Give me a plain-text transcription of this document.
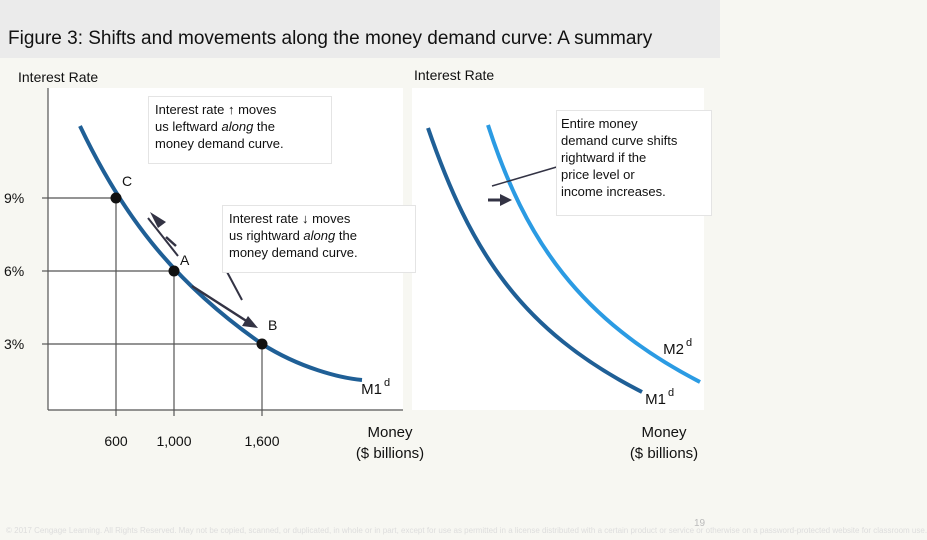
Figure 3: Shifts and movements along the money demand curve: A summary
Interest Rate
9%
6%
3%
600 1,000	1,600
C
A
B
M1 d
Money
($ billions)
Interest Rate
M2 d
M1 d
Money
($ billions)
Interest rate ↑ moves
us leftward along the
money demand curve.
Interest rate ↓ moves
us rightward along the
money demand curve.
Entire money
demand curve shifts
rightward if the
price level or
income increases.
© 2017 Cengage Learning. All Rights Reserved. May not be copied, scanned, or duplicated, in whole or in part, except for use as permitted in a license distributed with a certain product or service or otherwise on a password-protected website for classroom use.
19
